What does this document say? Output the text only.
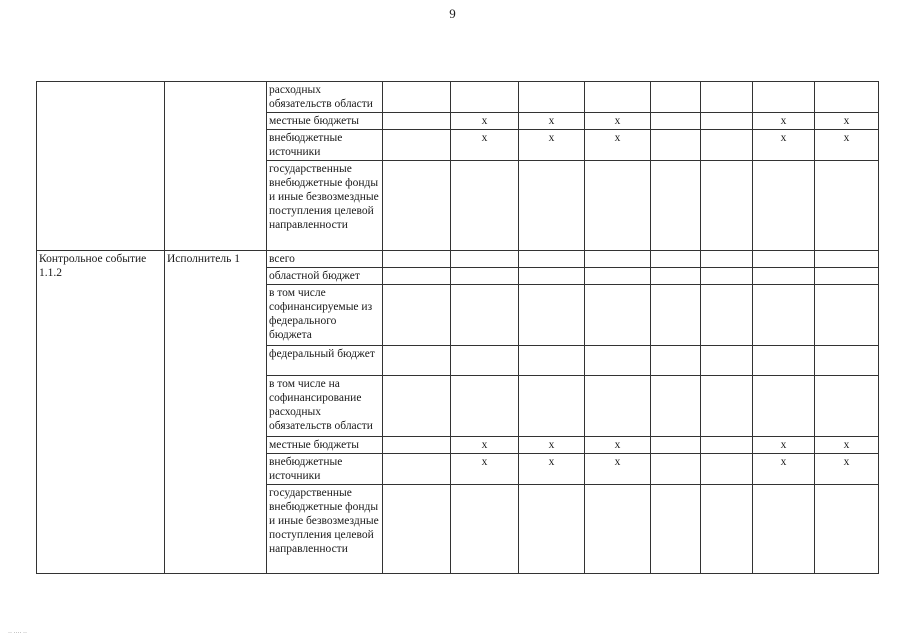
9
‥ ‥‥ ‥
		расходных обязательств области								
		местные бюджеты		x	x	x			x	x
		внебюджетные источники		x	x	x			x	x
		государственные внебюджетные фонды и иные безвозмездные поступления целевой направленности								
Контрольное событие 1.1.2	Исполнитель 1	всего								
		областной бюджет								
		в том числе софинансируемые из федерального бюджета								
		федеральный бюджет								
		в том числе на софинансирование расходных обязательств области								
		местные бюджеты		x	x	x			x	x
		внебюджетные источники		x	x	x			x	x
		государственные внебюджетные фонды и иные безвозмездные поступления целевой направленности								
